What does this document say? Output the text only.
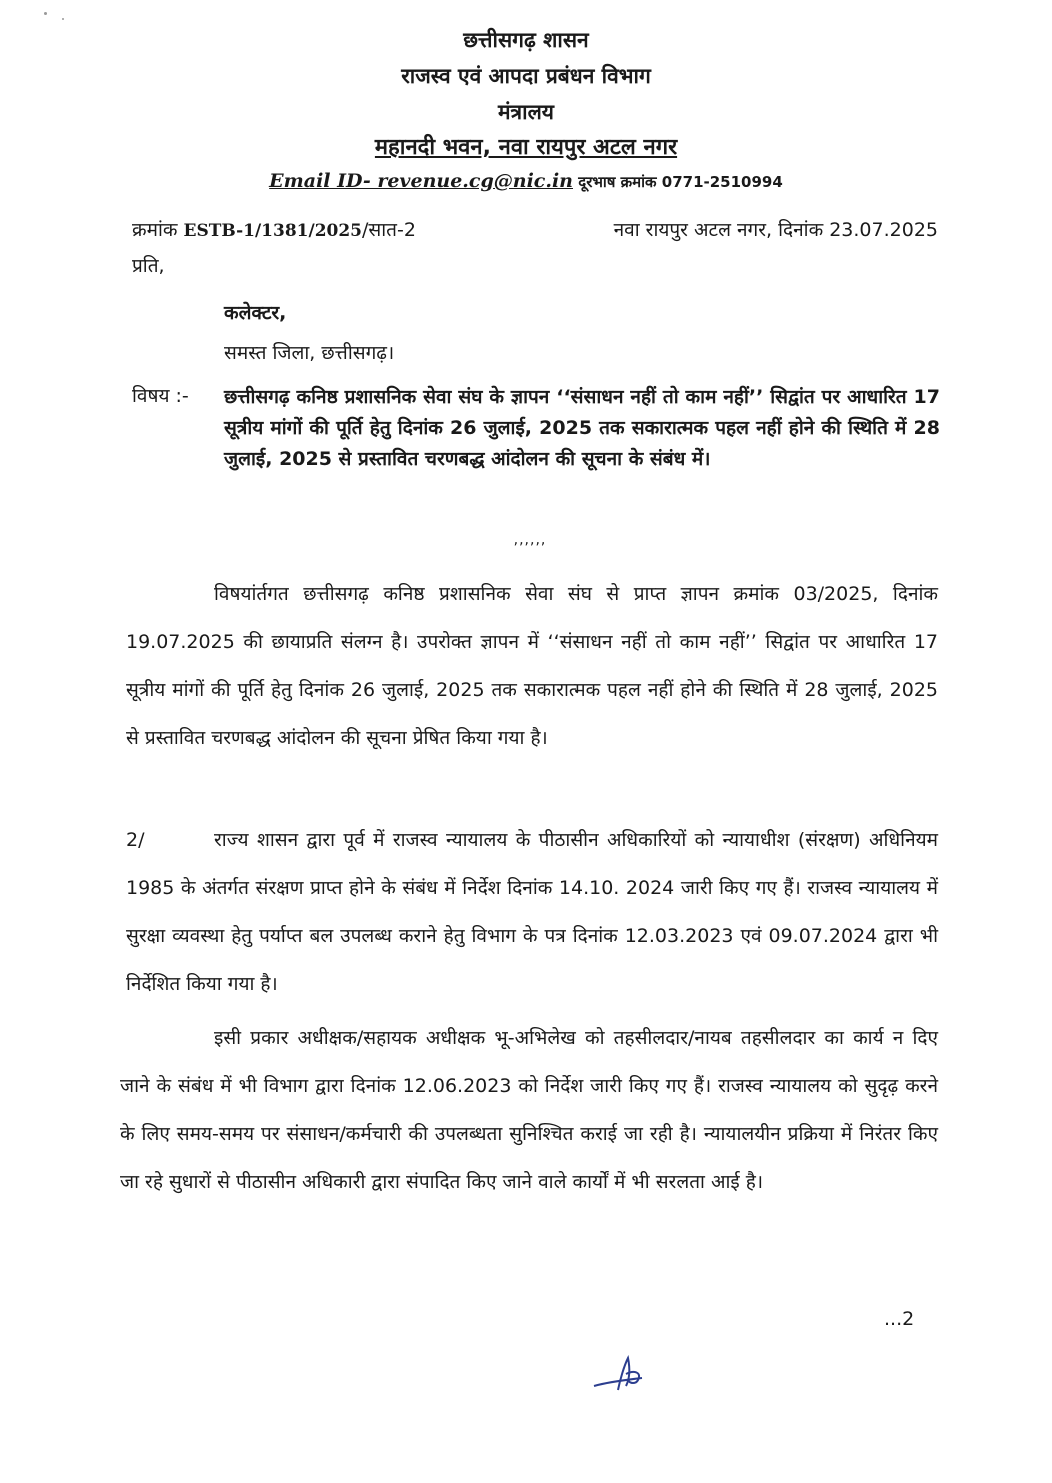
छत्तीसगढ़ शासन
राजस्व एवं आपदा प्रबंधन विभाग
मंत्रालय
महानदी भवन, नवा रायपुर अटल नगर
Email ID- revenue.cg@nic.in दूरभाष क्रमांक 0771-2510994
क्रमांक ESTB-1/1381/2025/सात-2	नवा रायपुर अटल नगर, दिनांक 23.07.2025
प्रति,
कलेक्टर,
समस्त जिला, छत्तीसगढ़।
विषय :- छत्तीसगढ़ कनिष्ठ प्रशासनिक सेवा संघ के ज्ञापन ‘‘संसाधन नहीं तो काम नहीं’’ सिद्वांत पर आधारित 17 सूत्रीय मांगों की पूर्ति हेतु दिनांक 26 जुलाई, 2025 तक सकारात्मक पहल नहीं होने की स्थिति में 28 जुलाई, 2025 से प्रस्तावित चरणबद्ध आंदोलन की सूचना के संबंध में।
,,,,,,
विषयांर्तगत छत्तीसगढ़ कनिष्ठ प्रशासनिक सेवा संघ से प्राप्त ज्ञापन क्रमांक 03/2025, दिनांक 19.07.2025 की छायाप्रति संलग्न है। उपरोक्त ज्ञापन में ‘‘संसाधन नहीं तो काम नहीं’’ सिद्वांत पर आधारित 17 सूत्रीय मांगों की पूर्ति हेतु दिनांक 26 जुलाई, 2025 तक सकारात्मक पहल नहीं होने की स्थिति में 28 जुलाई, 2025 से प्रस्तावित चरणबद्ध आंदोलन की सूचना प्रेषित किया गया है।
2/	राज्य शासन द्वारा पूर्व में राजस्व न्यायालय के पीठासीन अधिकारियों को न्यायाधीश (संरक्षण) अधिनियम 1985 के अंतर्गत संरक्षण प्राप्त होने के संबंध में निर्देश दिनांक 14.10. 2024 जारी किए गए हैं। राजस्व न्यायालय में सुरक्षा व्यवस्था हेतु पर्याप्त बल उपलब्ध कराने हेतु विभाग के पत्र दिनांक 12.03.2023 एवं 09.07.2024 द्वारा भी निर्देशित किया गया है।
इसी प्रकार अधीक्षक/सहायक अधीक्षक भू-अभिलेख को तहसीलदार/नायब तहसीलदार का कार्य न दिए जाने के संबंध में भी विभाग द्वारा दिनांक 12.06.2023 को निर्देश जारी किए गए हैं। राजस्व न्यायालय को सुदृढ़ करने के लिए समय-समय पर संसाधन/कर्मचारी की उपलब्धता सुनिश्चित कराई जा रही है। न्यायालयीन प्रक्रिया में निरंतर किए जा रहे सुधारों से पीठासीन अधिकारी द्वारा संपादित किए जाने वाले कार्यों में भी सरलता आई है।
...2
